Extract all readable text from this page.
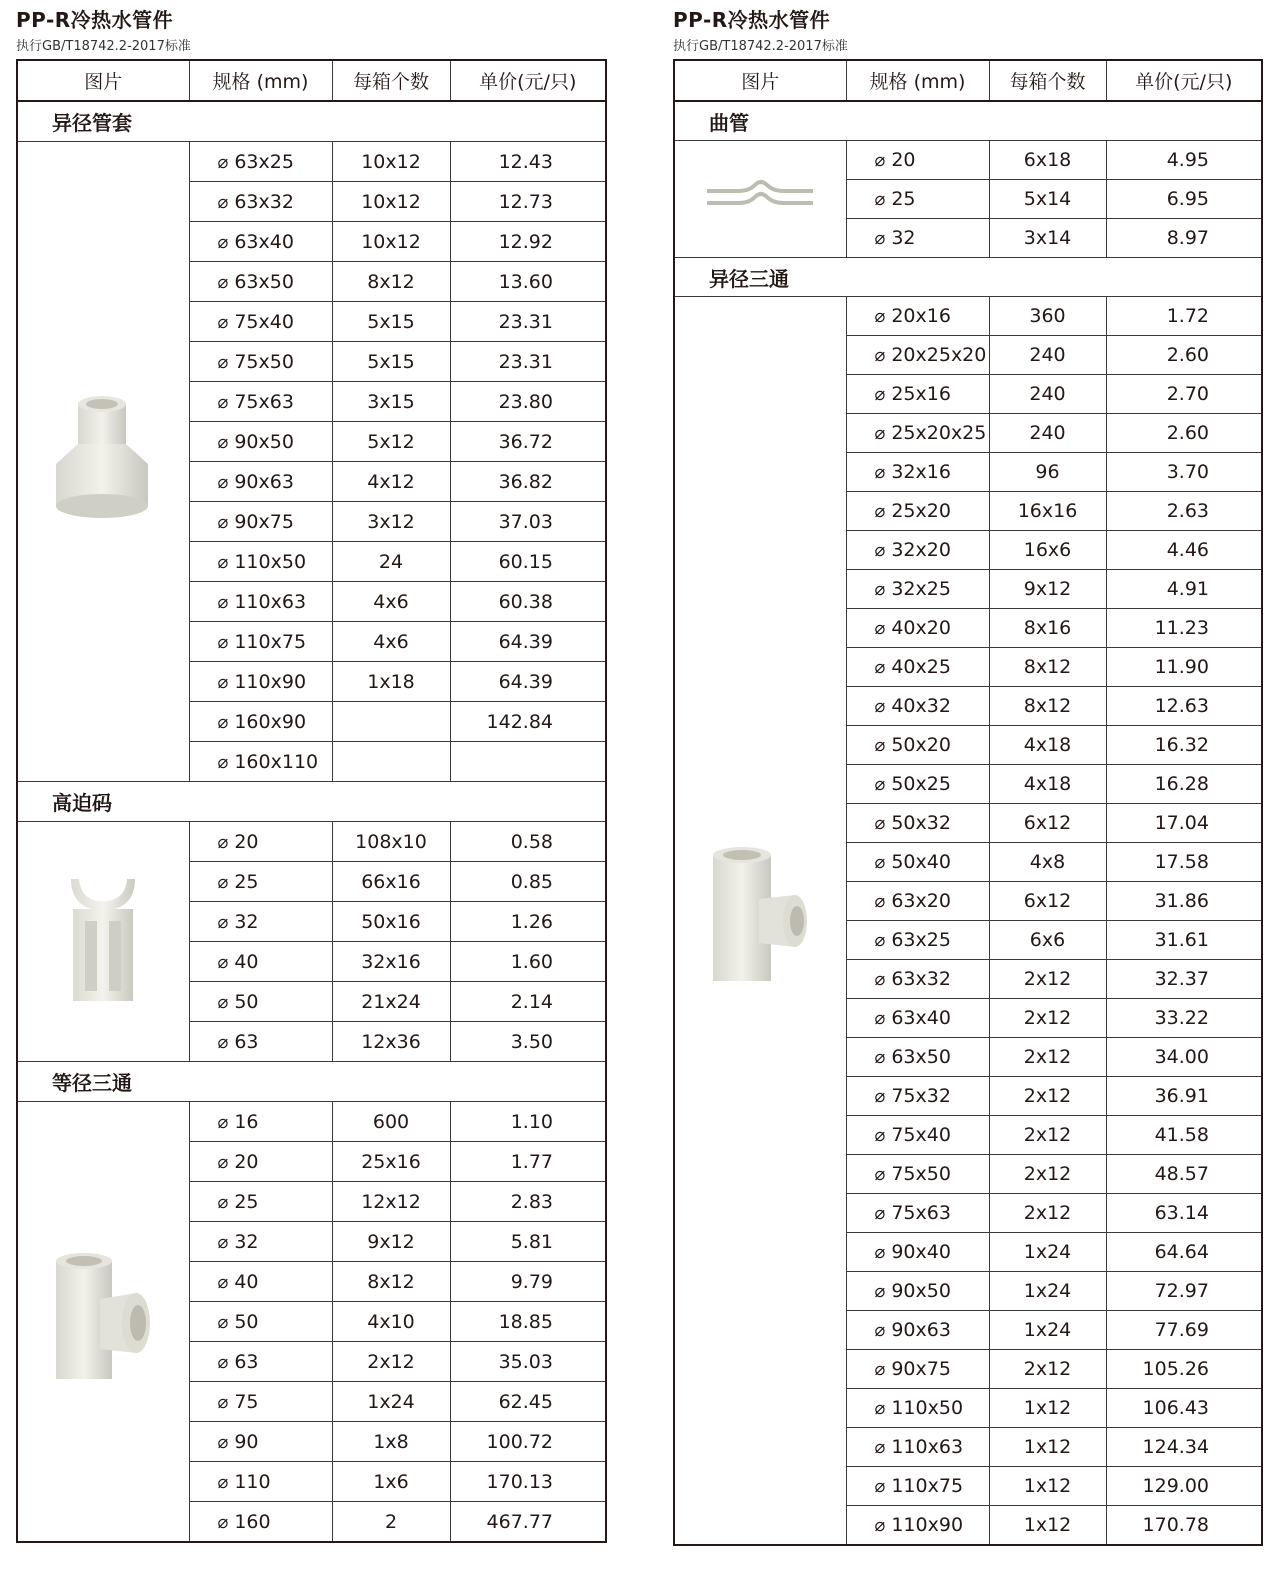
PP-R冷热水管件
执行GB/T18742.2-2017标准
图片	规格 (mm)	每箱个数	单价(元/只)
异径管套			
	⌀ 63x25	10x12	12.43
	⌀ 63x32	10x12	12.73
	⌀ 63x40	10x12	12.92
	⌀ 63x50	8x12	13.60
	⌀ 75x40	5x15	23.31
	⌀ 75x50	5x15	23.31
	⌀ 75x63	3x15	23.80
	⌀ 90x50	5x12	36.72
	⌀ 90x63	4x12	36.82
	⌀ 90x75	3x12	37.03
	⌀ 110x50	24	60.15
	⌀ 110x63	4x6	60.38
	⌀ 110x75	4x6	64.39
	⌀ 110x90	1x18	64.39
	⌀ 160x90		142.84
	⌀ 160x110		
高迫码			
	⌀ 20	108x10	0.58
	⌀ 25	66x16	0.85
	⌀ 32	50x16	1.26
	⌀ 40	32x16	1.60
	⌀ 50	21x24	2.14
	⌀ 63	12x36	3.50
等径三通			
	⌀ 16	600	1.10
	⌀ 20	25x16	1.77
	⌀ 25	12x12	2.83
	⌀ 32	9x12	5.81
	⌀ 40	8x12	9.79
	⌀ 50	4x10	18.85
	⌀ 63	2x12	35.03
	⌀ 75	1x24	62.45
	⌀ 90	1x8	100.72
	⌀ 110	1x6	170.13
	⌀ 160	2	467.77
PP-R冷热水管件
执行GB/T18742.2-2017标准
图片	规格 (mm)	每箱个数	单价(元/只)
曲管			
	⌀ 20	6x18	4.95
	⌀ 25	5x14	6.95
	⌀ 32	3x14	8.97
异径三通			
	⌀ 20x16	360	1.72
	⌀ 20x25x20	240	2.60
	⌀ 25x16	240	2.70
	⌀ 25x20x25	240	2.60
	⌀ 32x16	96	3.70
	⌀ 25x20	16x16	2.63
	⌀ 32x20	16x6	4.46
	⌀ 32x25	9x12	4.91
	⌀ 40x20	8x16	11.23
	⌀ 40x25	8x12	11.90
	⌀ 40x32	8x12	12.63
	⌀ 50x20	4x18	16.32
	⌀ 50x25	4x18	16.28
	⌀ 50x32	6x12	17.04
	⌀ 50x40	4x8	17.58
	⌀ 63x20	6x12	31.86
	⌀ 63x25	6x6	31.61
	⌀ 63x32	2x12	32.37
	⌀ 63x40	2x12	33.22
	⌀ 63x50	2x12	34.00
	⌀ 75x32	2x12	36.91
	⌀ 75x40	2x12	41.58
	⌀ 75x50	2x12	48.57
	⌀ 75x63	2x12	63.14
	⌀ 90x40	1x24	64.64
	⌀ 90x50	1x24	72.97
	⌀ 90x63	1x24	77.69
	⌀ 90x75	2x12	105.26
	⌀ 110x50	1x12	106.43
	⌀ 110x63	1x12	124.34
	⌀ 110x75	1x12	129.00
	⌀ 110x90	1x12	170.78
